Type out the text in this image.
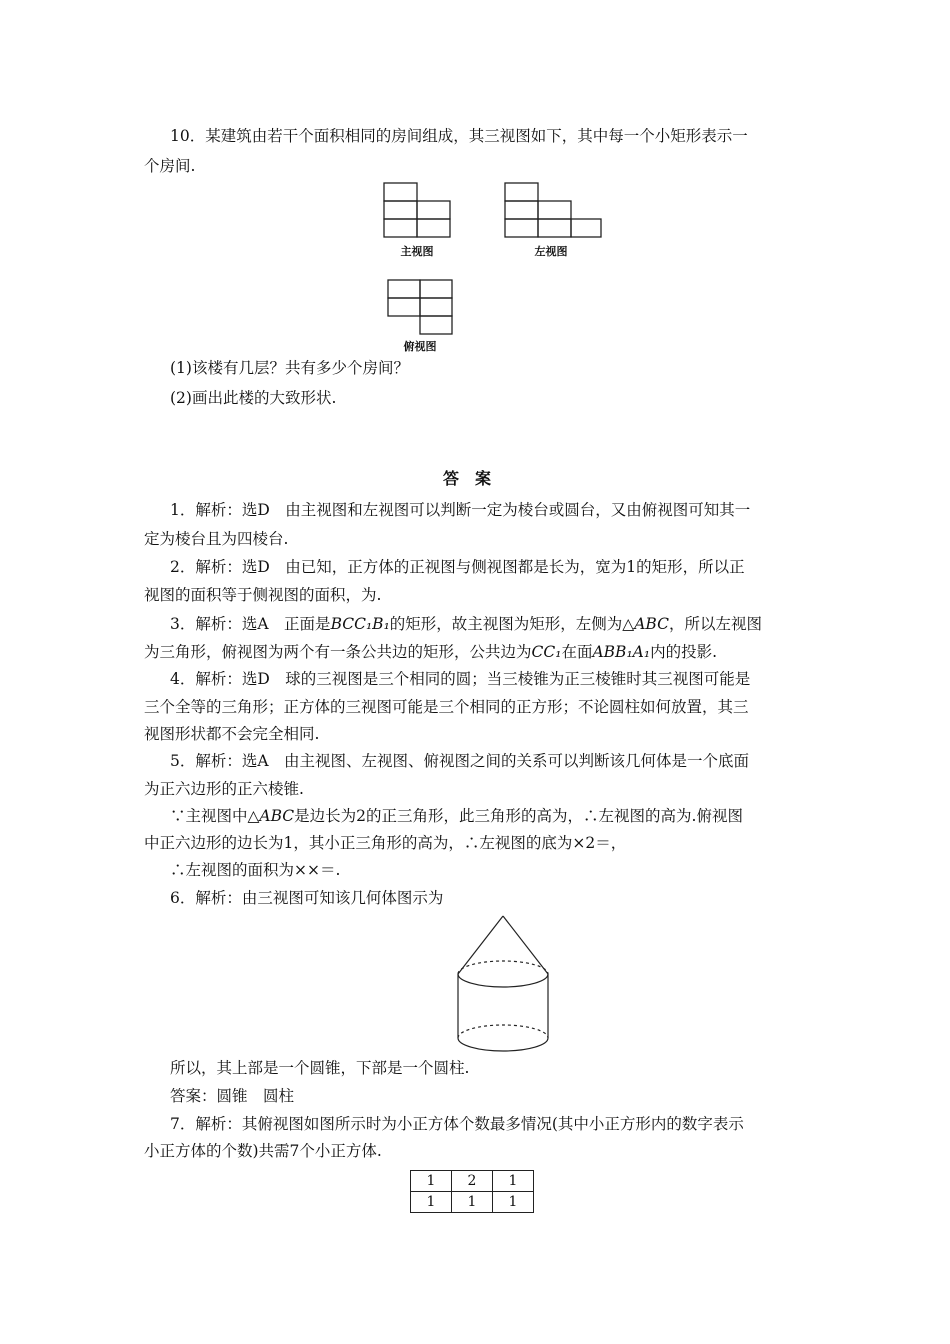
10．某建筑由若干个面积相同的房间组成，其三视图如下，其中每一个小矩形表示一
个房间.
主视图	左视图
俯视图
(1)该楼有几层？共有多少个房间？
(2)画出此楼的大致形状.
答案
1．解析：选D　由主视图和左视图可以判断一定为棱台或圆台，又由俯视图可知其一
定为棱台且为四棱台.
2．解析：选D　由已知，正方体的正视图与侧视图都是长为，宽为1的矩形，所以正
视图的面积等于侧视图的面积，为.
3．解析：选A　正面是BCC₁B₁的矩形，故主视图为矩形，左侧为△ABC，所以左视图
为三角形，俯视图为两个有一条公共边的矩形，公共边为CC₁在面ABB₁A₁内的投影.
4．解析：选D　球的三视图是三个相同的圆；当三棱锥为正三棱锥时其三视图可能是
三个全等的三角形；正方体的三视图可能是三个相同的正方形；不论圆柱如何放置，其三
视图形状都不会完全相同.
5．解析：选A　由主视图、左视图、俯视图之间的关系可以判断该几何体是一个底面
为正六边形的正六棱锥.
∵主视图中△ABC是边长为2的正三角形，此三角形的高为，∴左视图的高为.俯视图
中正六边形的边长为1，其小正三角形的高为，∴左视图的底为×2＝，
∴左视图的面积为××＝.
6．解析：由三视图可知该几何体图示为
所以，其上部是一个圆锥，下部是一个圆柱.
答案：圆锥　圆柱
7．解析：其俯视图如图所示时为小正方体个数最多情况(其中小正方形内的数字表示
小正方体的个数)共需7个小正方体.
1	2	1
1	1	1
